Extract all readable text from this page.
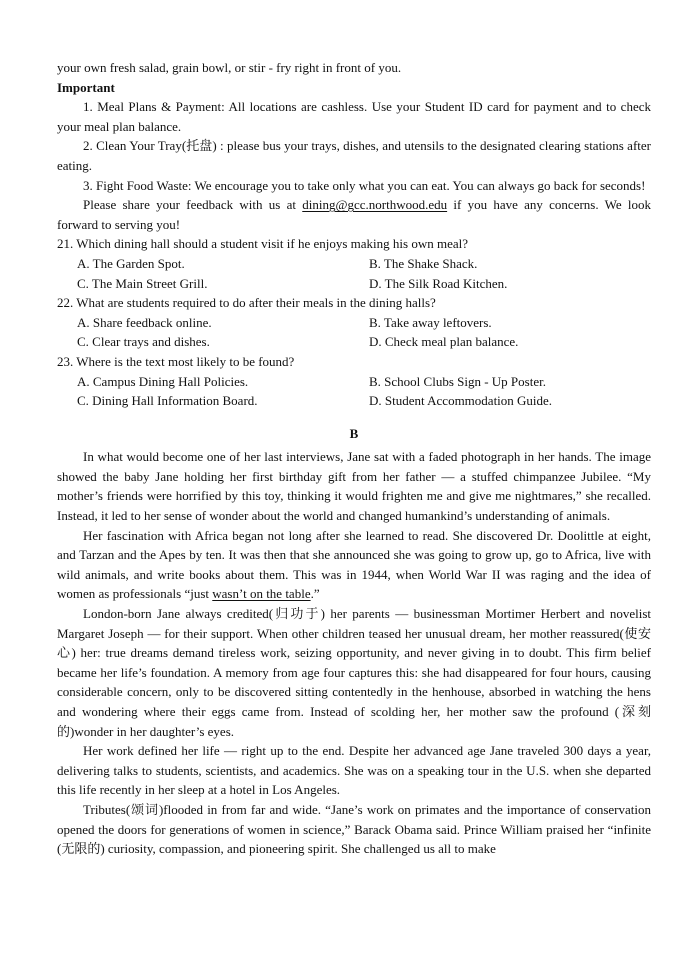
your own fresh salad, grain bowl, or stir - fry right in front of you.

Important

1. Meal Plans & Payment: All locations are cashless. Use your Student ID card for payment and to check your meal plan balance.

2. Clean Your Tray(托盘) : please bus your trays, dishes, and utensils to the designated clearing stations after eating.

3. Fight Food Waste: We encourage you to take only what you can eat. You can always go back for seconds!

Please share your feedback with us at dining@gcc.northwood.edu if you have any concerns. We look forward to serving you!

21. Which dining hall should a student visit if he enjoys making his own meal?

A. The Garden Spot.	B. The Shake Shack.
C. The Main Street Grill.	D. The Silk Road Kitchen.

22. What are students required to do after their meals in the dining halls?

A. Share feedback online.	B. Take away leftovers.
C. Clear trays and dishes.	D. Check meal plan balance.

23. Where is the text most likely to be found?

A. Campus Dining Hall Policies.	B. School Clubs Sign - Up Poster.
C. Dining Hall Information Board.	D. Student Accommodation Guide.
B

In what would become one of her last interviews, Jane sat with a faded photograph in her hands. The image showed the baby Jane holding her first birthday gift from her father — a stuffed chimpanzee Jubilee. “My mother’s friends were horrified by this toy, thinking it would frighten me and give me nightmares,” she recalled. Instead, it led to her sense of wonder about the world and changed humankind’s understanding of animals.

Her fascination with Africa began not long after she learned to read. She discovered Dr. Doolittle at eight, and Tarzan and the Apes by ten. It was then that she announced she was going to grow up, go to Africa, live with wild animals, and write books about them. This was in 1944, when World War II was raging and the idea of women as professionals “just wasn’t on the table.”

London-born Jane always credited(归功于) her parents — businessman Mortimer Herbert and novelist Margaret Joseph — for their support. When other children teased her unusual dream, her mother reassured(使安心) her: true dreams demand tireless work, seizing opportunity, and never giving in to doubt. This firm belief became her life’s foundation. A memory from age four captures this: she had disappeared for four hours, causing considerable concern, only to be discovered sitting contentedly in the henhouse, absorbed in watching the hens and wondering where their eggs came from. Instead of scolding her, her mother saw the profound (深刻的)wonder in her daughter’s eyes.

Her work defined her life — right up to the end. Despite her advanced age Jane traveled 300 days a year, delivering talks to students, scientists, and academics. She was on a speaking tour in the U.S. when she departed this life recently in her sleep at a hotel in Los Angeles.

Tributes(颂词)flooded in from far and wide. “Jane’s work on primates and the importance of conservation opened the doors for generations of women in science,” Barack Obama said. Prince William praised her “infinite (无限的) curiosity, compassion, and pioneering spirit. She challenged us all to make
